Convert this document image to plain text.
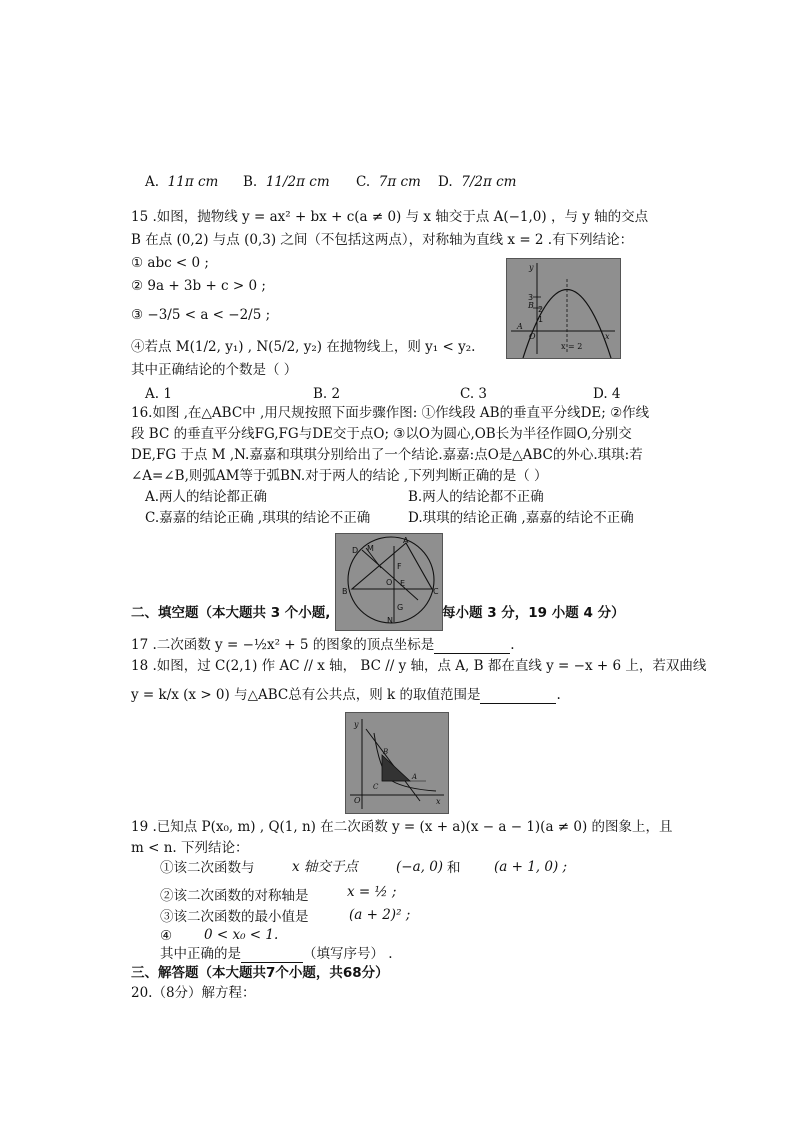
A. 11π cm B. 11/2π cm C. 7π cm D. 7/2π cm
15 .如图，抛物线 y = ax² + bx + c(a ≠ 0) 与 x 轴交于点 A(−1,0) ，与 y 轴的交点
B 在点 (0,2) 与点 (0,3) 之间（不包括这两点），对称轴为直线 x = 2 .有下列结论：
① abc < 0 ;
② 9a + 3b + c > 0 ;
③ −3/5 < a < −2/5 ;
④若点 M(1/2, y₁) , N(5/2, y₂) 在抛物线上，则 y₁ < y₂.
其中正确结论的个数是（ ）
A. 1	B. 2	C. 3	D. 4
y
x
3
B 2
1
A
O
x = 2
16.如图 ,在△ABC中 ,用尺规按照下面步骤作图: ①作线段 AB的垂直平分线DE; ②作线
段 BC 的垂直平分线FG,FG与DE交于点O; ③以O为圆心,OB长为半径作圆O,分别交
DE,FG 于点 M ,N.嘉嘉和琪琪分别给出了一个结论.嘉嘉:点O是△ABC的外心.琪琪:若
∠A=∠B,则弧AM等于弧BN.对于两人的结论 ,下列判断正确的是（ ）
A.两人的结论都正确	B.两人的结论都不正确
C.嘉嘉的结论正确 ,琪琪的结论不正确	D.琪琪的结论正确 ,嘉嘉的结论不正确
D M
A
F
O E
B	C
G
N
二、填空题（本大题共 3 个小题,	每小题 3 分，19 小题 4 分）
17 .二次函数 y = −½x² + 5 的图象的顶点坐标是	.
18 .如图，过 C(2,1) 作 AC // x 轴， BC // y 轴，点 A, B 都在直线 y = −x + 6 上，若双曲线
y = k/x (x > 0) 与△ABC总有公共点，则 k 的取值范围是	.
y
B
C
A
O	x
19 .已知点 P(x₀, m) , Q(1, n) 在二次函数 y = (x + a)(x − a − 1)(a ≠ 0) 的图象上，且
m < n. 下列结论：
①该二次函数与	x 轴交于点	(−a, 0) 和 (a + 1, 0) ;
②该二次函数的对称轴是	x = ½ ;
③该二次函数的最小值是	(a + 2)² ;
④ 0 < x₀ < 1.
其中正确的是	（填写序号） .
三、解答题（本大题共7个小题，共68分）
20.（8分）解方程：
